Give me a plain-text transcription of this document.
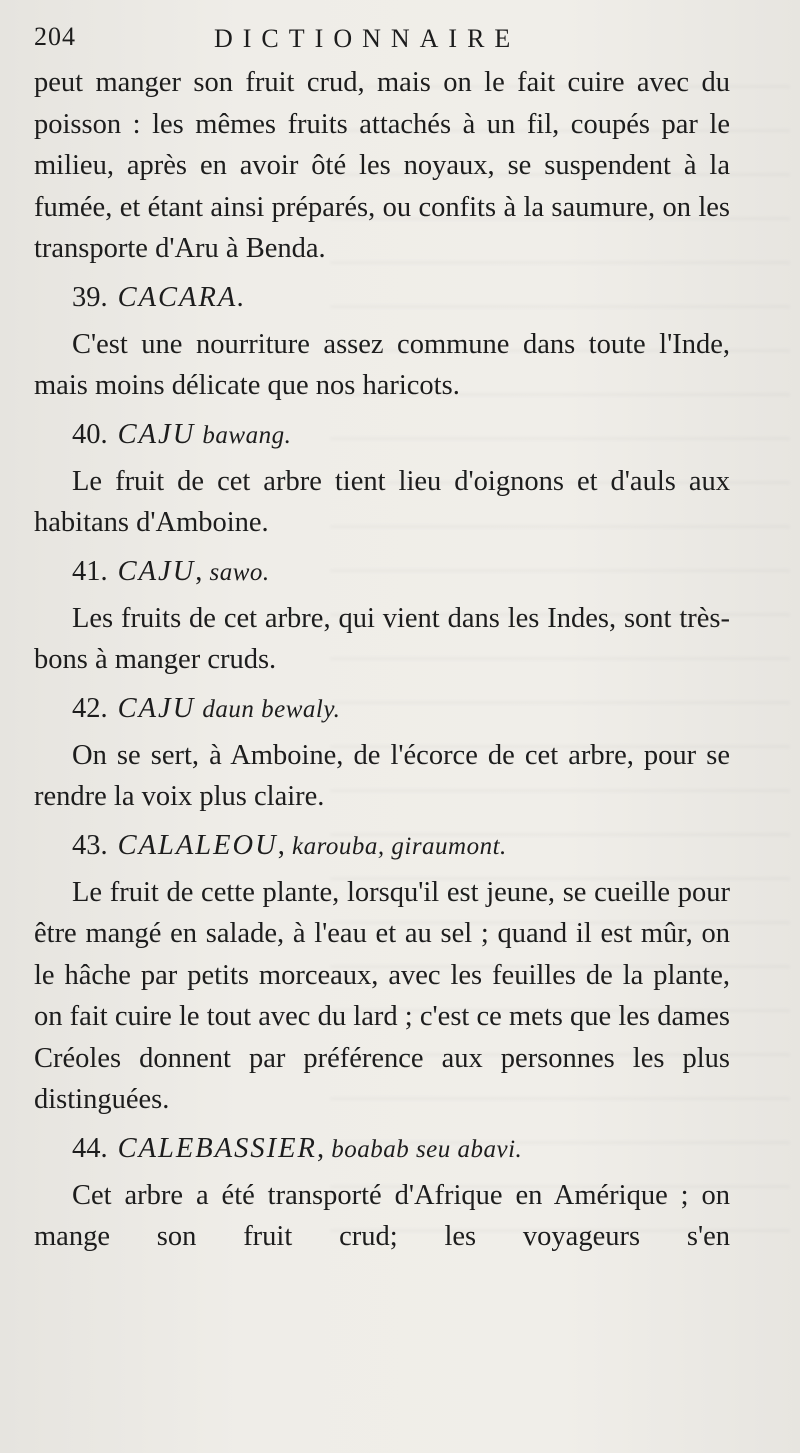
204	DICTIONNAIRE

peut manger son fruit crud, mais on le fait cuire avec du poisson : les mêmes fruits attachés à un fil, coupés par le milieu, après en avoir ôté les noyaux, se suspendent à la fumée, et étant ainsi préparés, ou confits à la saumure, on les transporte d'Aru à Benda.

39. CACARA.

C'est une nourriture assez commune dans toute l'Inde, mais moins délicate que nos haricots.

40. CAJU bawang.

Le fruit de cet arbre tient lieu d'oignons et d'auls aux habitans d'Amboine.

41. CAJU, sawo.

Les fruits de cet arbre, qui vient dans les Indes, sont très-bons à manger cruds.

42. CAJU daun bewaly.

On se sert, à Amboine, de l'écorce de cet arbre, pour se rendre la voix plus claire.

43. CALALEOU, karouba, giraumont.

Le fruit de cette plante, lorsqu'il est jeune, se cueille pour être mangé en salade, à l'eau et au sel ; quand il est mûr, on le hâche par petits morceaux, avec les feuilles de la plante, on fait cuire le tout avec du lard ; c'est ce mets que les dames Créoles donnent par préférence aux personnes les plus distinguées.

44. CALEBASSIER, boabab seu abavi.

Cet arbre a été transporté d'Afrique en Amérique ; on mange son fruit crud; les voyageurs s'en
